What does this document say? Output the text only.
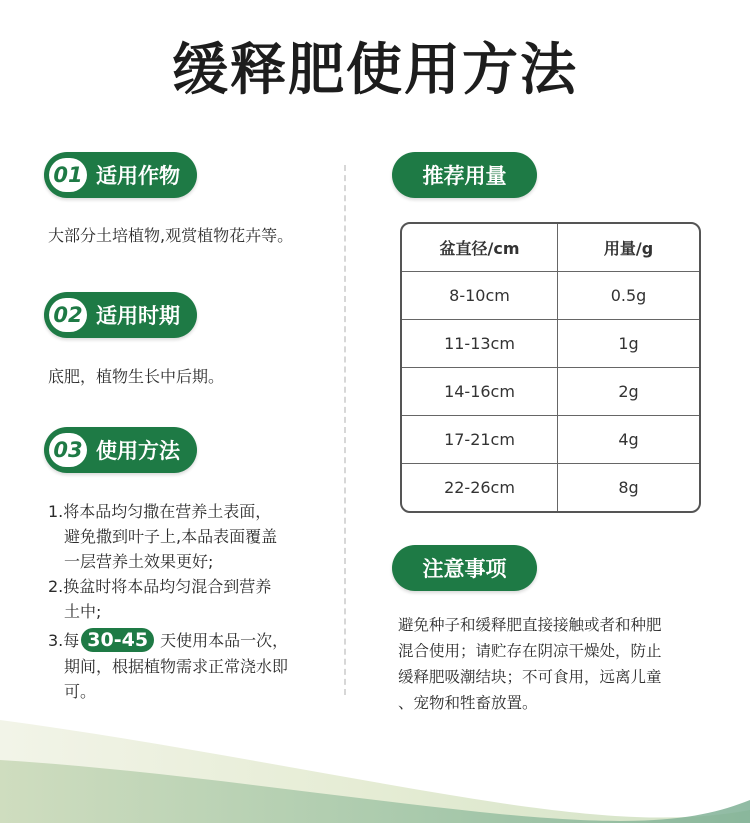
缓释肥使用方法
01 适用作物
大部分土培植物,观赏植物花卉等。
02 适用时期
底肥，植物生长中后期。
03 使用方法
1.将本品均匀撒在营养土表面，
避免撒到叶子上,本品表面覆盖
一层营养土效果更好;
2.换盆时将本品均匀混合到营养
土中;
3.每 30-45 天使用本品一次，
期间，根据植物需求正常浇水即
可。
推荐用量
盆直径/cm	用量/g
8-10cm	0.5g
11-13cm	1g
14-16cm	2g
17-21cm	4g
22-26cm	8g
注意事项
避免种子和缓释肥直接接触或者和种肥
混合使用；请贮存在阴凉干燥处，防止
缓释肥吸潮结块；不可食用，远离儿童
、宠物和牲畜放置。
